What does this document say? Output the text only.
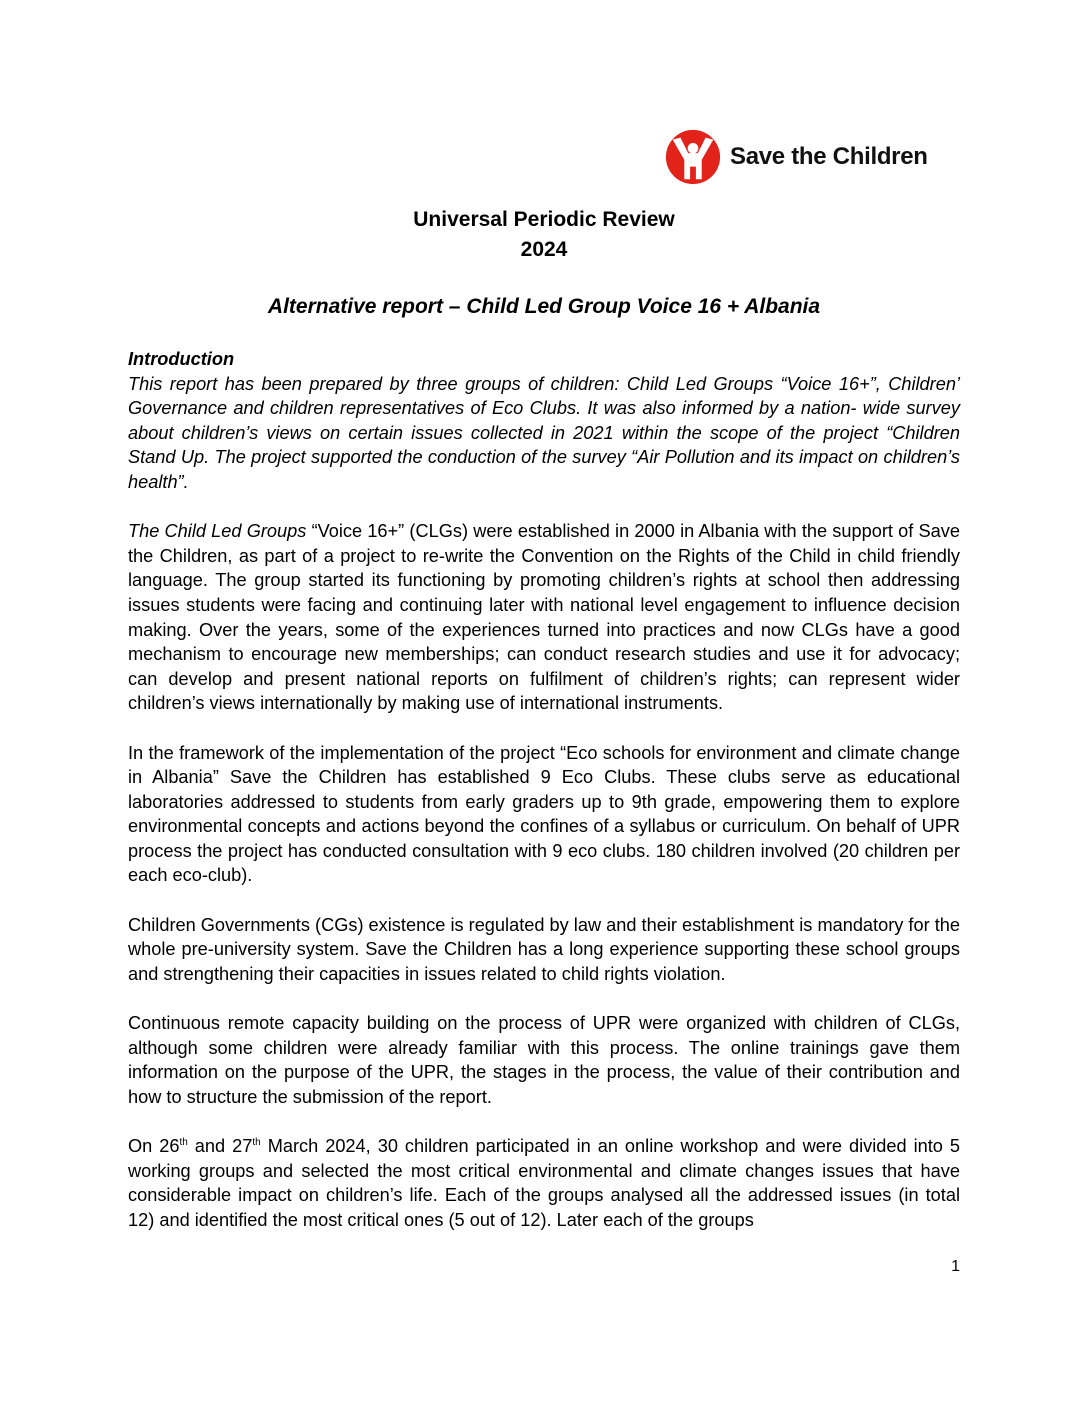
Save the Children
Universal Periodic Review
2024
Alternative report – Child Led Group Voice 16 + Albania
Introduction

This report has been prepared by three groups of children: Child Led Groups “Voice 16+”, Children’ Governance and children representatives of Eco Clubs. It was also informed by a nation- wide survey about children’s views on certain issues collected in 2021 within the scope of the project “Children Stand Up. The project supported the conduction of the survey “Air Pollution and its impact on children’s health”.

The Child Led Groups “Voice 16+” (CLGs) were established in 2000 in Albania with the support of Save the Children, as part of a project to re-write the Convention on the Rights of the Child in child friendly language. The group started its functioning by promoting children’s rights at school then addressing issues students were facing and continuing later with national level engagement to influence decision making. Over the years, some of the experiences turned into practices and now CLGs have a good mechanism to encourage new memberships; can conduct research studies and use it for advocacy; can develop and present national reports on fulfilment of children’s rights; can represent wider children’s views internationally by making use of international instruments.

In the framework of the implementation of the project “Eco schools for environment and climate change in Albania” Save the Children has established 9 Eco Clubs. These clubs serve as educational laboratories addressed to students from early graders up to 9th grade, empowering them to explore environmental concepts and actions beyond the confines of a syllabus or curriculum. On behalf of UPR process the project has conducted consultation with 9 eco clubs. 180 children involved (20 children per each eco-club).

Children Governments (CGs) existence is regulated by law and their establishment is mandatory for the whole pre-university system. Save the Children has a long experience supporting these school groups and strengthening their capacities in issues related to child rights violation.

Continuous remote capacity building on the process of UPR were organized with children of CLGs, although some children were already familiar with this process. The online trainings gave them information on the purpose of the UPR, the stages in the process, the value of their contribution and how to structure the submission of the report.

On 26th and 27th March 2024, 30 children participated in an online workshop and were divided into 5 working groups and selected the most critical environmental and climate changes issues that have considerable impact on children’s life. Each of the groups analysed all the addressed issues (in total 12) and identified the most critical ones (5 out of 12). Later each of the groups

1
